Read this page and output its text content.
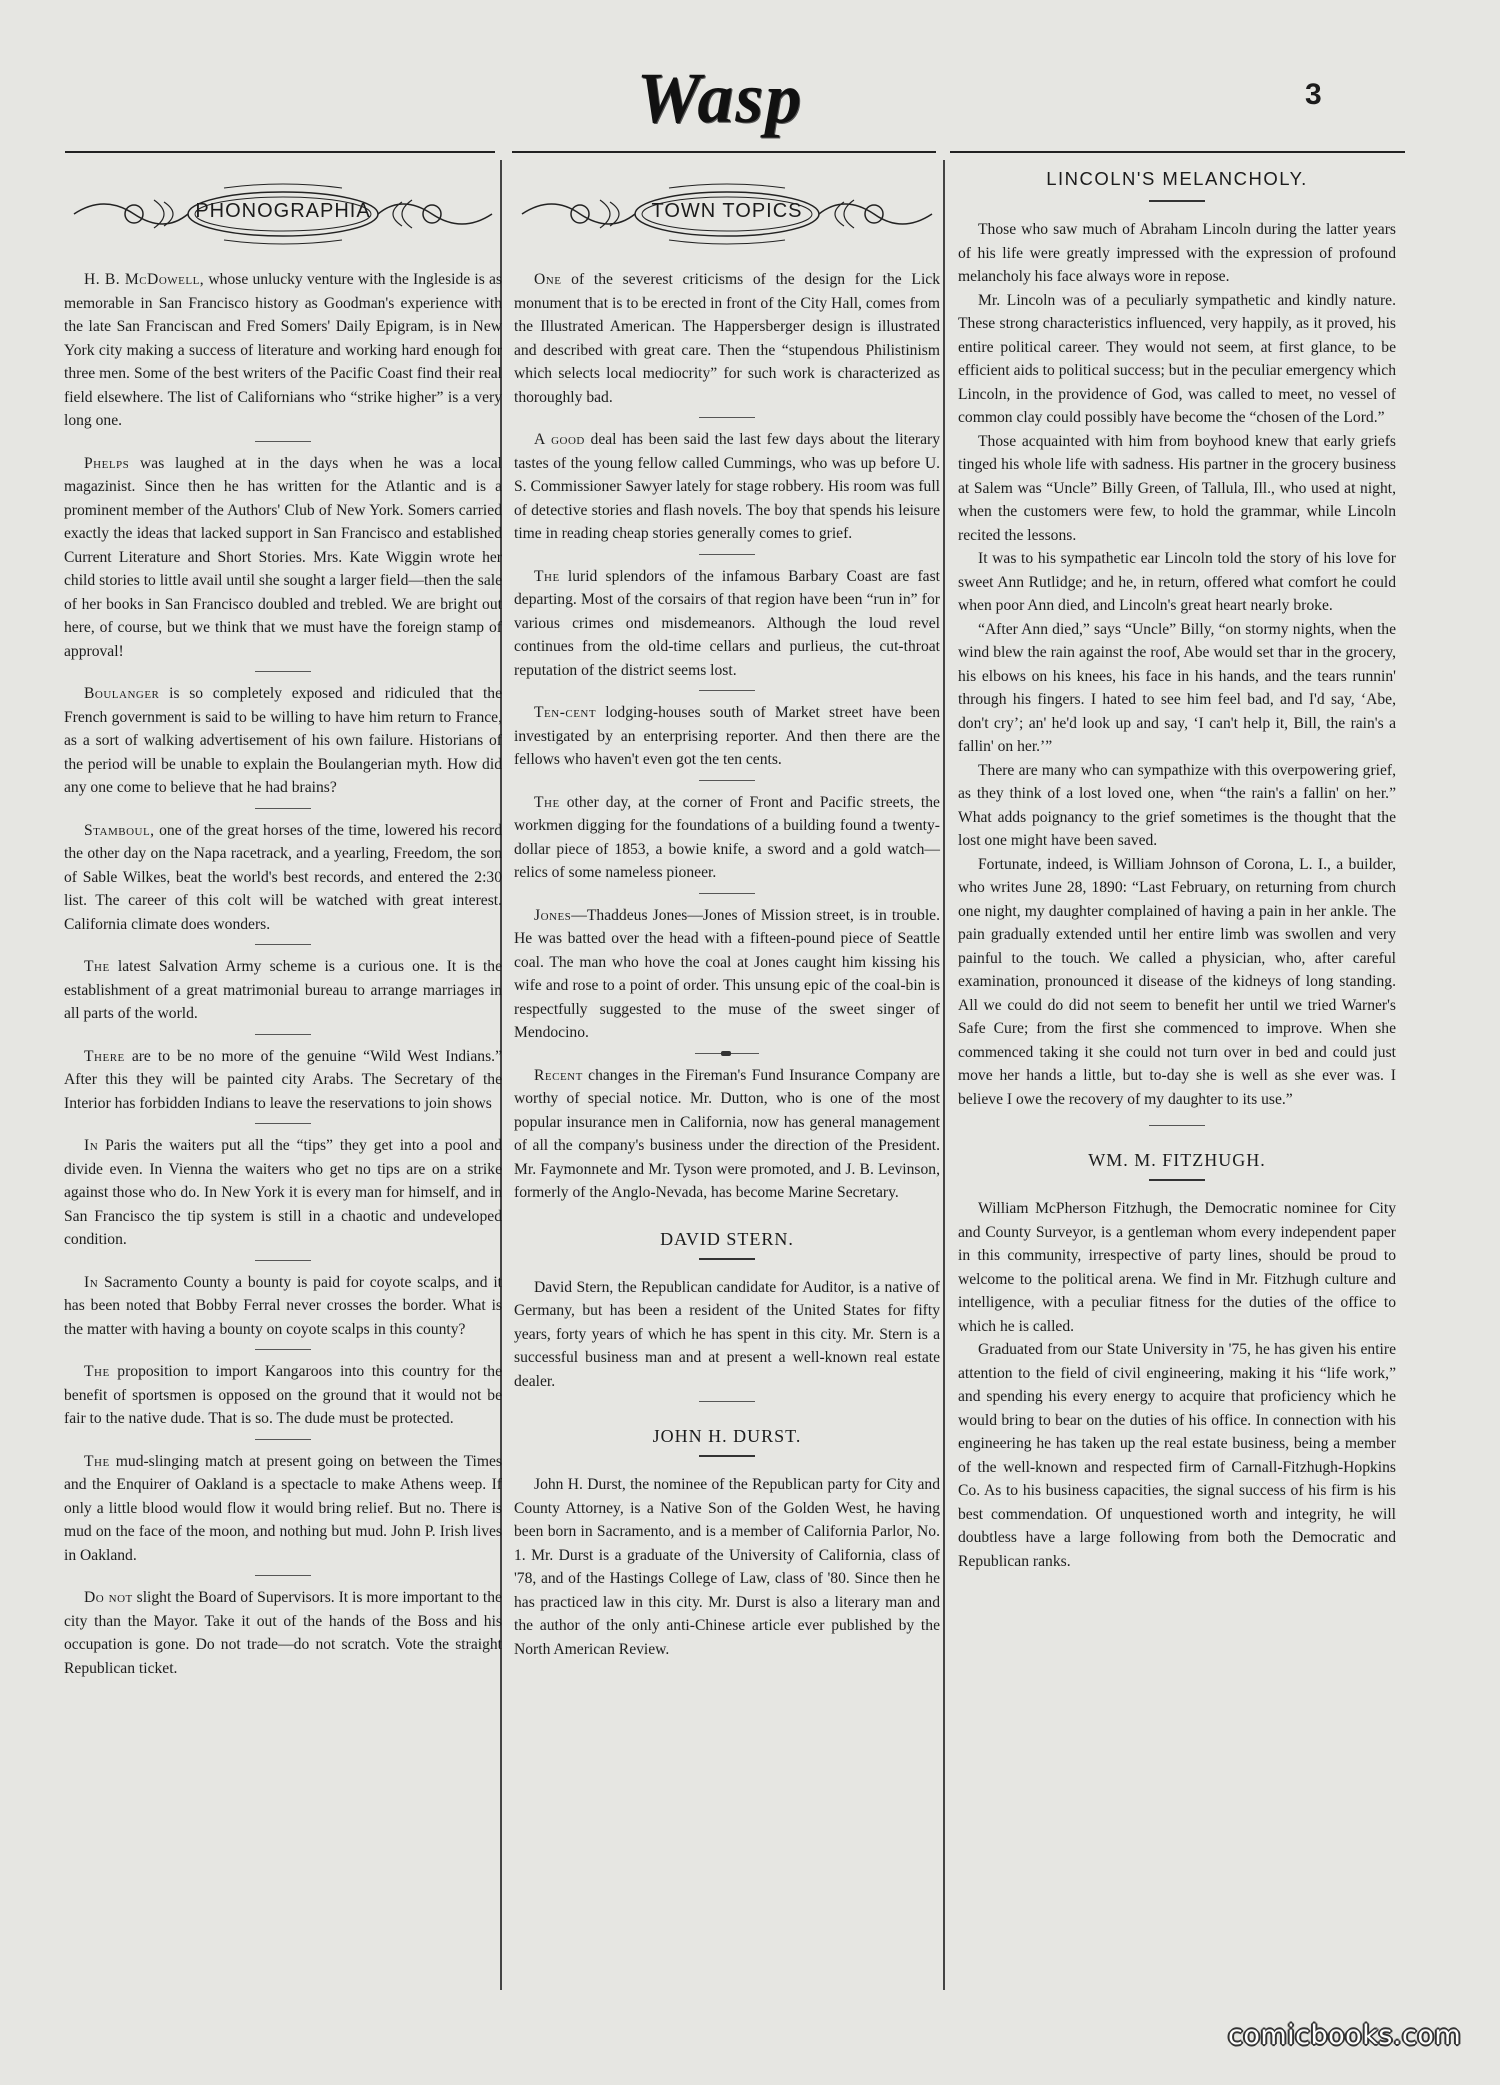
Wasp	3
PHONOGRAPHIA

H. B. McDowell, whose unlucky venture with the Ingleside is as memorable in San Francisco history as Goodman's experience with the late San Franciscan and Fred Somers' Daily Epigram, is in New York city making a success of literature and working hard enough for three men. Some of the best writers of the Pacific Coast find their real field elsewhere. The list of Californians who “strike higher” is a very long one.

Phelps was laughed at in the days when he was a local magazinist. Since then he has written for the Atlantic and is a prominent member of the Authors' Club of New York. Somers carried exactly the ideas that lacked support in San Francisco and established Current Literature and Short Stories. Mrs. Kate Wiggin wrote her child stories to little avail until she sought a larger field—then the sale of her books in San Francisco doubled and trebled. We are bright out here, of course, but we think that we must have the foreign stamp of approval!

Boulanger is so completely exposed and ridiculed that the French government is said to be willing to have him return to France, as a sort of walking advertisement of his own failure. Historians of the period will be unable to explain the Boulangerian myth. How did any one come to believe that he had brains?

Stamboul, one of the great horses of the time, lowered his record the other day on the Napa racetrack, and a yearling, Freedom, the son of Sable Wilkes, beat the world's best records, and entered the 2:30 list. The career of this colt will be watched with great interest. California climate does wonders.

The latest Salvation Army scheme is a curious one. It is the establishment of a great matrimonial bureau to arrange marriages in all parts of the world.

There are to be no more of the genuine “Wild West Indians.” After this they will be painted city Arabs. The Secretary of the Interior has forbidden Indians to leave the reservations to join shows

In Paris the waiters put all the “tips” they get into a pool and divide even. In Vienna the waiters who get no tips are on a strike against those who do. In New York it is every man for himself, and in San Francisco the tip system is still in a chaotic and undeveloped condition.

In Sacramento County a bounty is paid for coyote scalps, and it has been noted that Bobby Ferral never crosses the border. What is the matter with having a bounty on coyote scalps in this county?

The proposition to import Kangaroos into this country for the benefit of sportsmen is opposed on the ground that it would not be fair to the native dude. That is so. The dude must be protected.

The mud-slinging match at present going on between the Times and the Enquirer of Oakland is a spectacle to make Athens weep. If only a little blood would flow it would bring relief. But no. There is mud on the face of the moon, and nothing but mud. John P. Irish lives in Oakland.

Do not slight the Board of Supervisors. It is more important to the city than the Mayor. Take it out of the hands of the Boss and his occupation is gone. Do not trade—do not scratch. Vote the straight Republican ticket.

TOWN TOPICS

One of the severest criticisms of the design for the Lick monument that is to be erected in front of the City Hall, comes from the Illustrated American. The Happersberger design is illustrated and described with great care. Then the “stupendous Philistinism which selects local mediocrity” for such work is characterized as thoroughly bad.

A good deal has been said the last few days about the literary tastes of the young fellow called Cummings, who was up before U. S. Commissioner Sawyer lately for stage robbery. His room was full of detective stories and flash novels. The boy that spends his leisure time in reading cheap stories generally comes to grief.

The lurid splendors of the infamous Barbary Coast are fast departing. Most of the corsairs of that region have been “run in” for various crimes ond misdemeanors. Although the loud revel continues from the old-time cellars and purlieus, the cut-throat reputation of the district seems lost.

Ten-cent lodging-houses south of Market street have been investigated by an enterprising reporter. And then there are the fellows who haven't even got the ten cents.

The other day, at the corner of Front and Pacific streets, the workmen digging for the foundations of a building found a twenty-dollar piece of 1853, a bowie knife, a sword and a gold watch—relics of some nameless pioneer.

Jones—Thaddeus Jones—Jones of Mission street, is in trouble. He was batted over the head with a fifteen-pound piece of Seattle coal. The man who hove the coal at Jones caught him kissing his wife and rose to a point of order. This unsung epic of the coal-bin is respectfully suggested to the muse of the sweet singer of Mendocino.

Recent changes in the Fireman's Fund Insurance Company are worthy of special notice. Mr. Dutton, who is one of the most popular insurance men in California, now has general management of all the company's business under the direction of the President. Mr. Faymonnete and Mr. Tyson were promoted, and J. B. Levinson, formerly of the Anglo-Nevada, has become Marine Secretary.

DAVID STERN.

David Stern, the Republican candidate for Auditor, is a native of Germany, but has been a resident of the United States for fifty years, forty years of which he has spent in this city. Mr. Stern is a successful business man and at present a well-known real estate dealer.

JOHN H. DURST.

John H. Durst, the nominee of the Republican party for City and County Attorney, is a Native Son of the Golden West, he having been born in Sacramento, and is a member of California Parlor, No. 1. Mr. Durst is a graduate of the University of California, class of '78, and of the Hastings College of Law, class of '80. Since then he has practiced law in this city. Mr. Durst is also a literary man and the author of the only anti-Chinese article ever published by the North American Review.

LINCOLN'S MELANCHOLY.

Those who saw much of Abraham Lincoln during the latter years of his life were greatly impressed with the expression of profound melancholy his face always wore in repose.

Mr. Lincoln was of a peculiarly sympathetic and kindly nature. These strong characteristics influenced, very happily, as it proved, his entire political career. They would not seem, at first glance, to be efficient aids to political success; but in the peculiar emergency which Lincoln, in the providence of God, was called to meet, no vessel of common clay could possibly have become the “chosen of the Lord.”

Those acquainted with him from boyhood knew that early griefs tinged his whole life with sadness. His partner in the grocery business at Salem was “Uncle” Billy Green, of Tallula, Ill., who used at night, when the customers were few, to hold the grammar, while Lincoln recited the lessons.

It was to his sympathetic ear Lincoln told the story of his love for sweet Ann Rutlidge; and he, in return, offered what comfort he could when poor Ann died, and Lincoln's great heart nearly broke.

“After Ann died,” says “Uncle” Billy, “on stormy nights, when the wind blew the rain against the roof, Abe would set thar in the grocery, his elbows on his knees, his face in his hands, and the tears runnin' through his fingers. I hated to see him feel bad, and I'd say, ‘Abe, don't cry’; an' he'd look up and say, ‘I can't help it, Bill, the rain's a fallin' on her.’”

There are many who can sympathize with this overpowering grief, as they think of a lost loved one, when “the rain's a fallin' on her.” What adds poignancy to the grief sometimes is the thought that the lost one might have been saved.

Fortunate, indeed, is William Johnson of Corona, L. I., a builder, who writes June 28, 1890: “Last February, on returning from church one night, my daughter complained of having a pain in her ankle. The pain gradually extended until her entire limb was swollen and very painful to the touch. We called a physician, who, after careful examination, pronounced it disease of the kidneys of long standing. All we could do did not seem to benefit her until we tried Warner's Safe Cure; from the first she commenced to improve. When she commenced taking it she could not turn over in bed and could just move her hands a little, but to-day she is well as she ever was. I believe I owe the recovery of my daughter to its use.”

WM. M. FITZHUGH.

William McPherson Fitzhugh, the Democratic nominee for City and County Surveyor, is a gentleman whom every independent paper in this community, irrespective of party lines, should be proud to welcome to the political arena. We find in Mr. Fitzhugh culture and intelligence, with a peculiar fitness for the duties of the office to which he is called.

Graduated from our State University in '75, he has given his entire attention to the field of civil engineering, making it his “life work,” and spending his every energy to acquire that proficiency which he would bring to bear on the duties of his office. In connection with his engineering he has taken up the real estate business, being a member of the well-known and respected firm of Carnall-Fitzhugh-Hopkins Co. As to his business capacities, the signal success of his firm is his best commendation. Of unquestioned worth and integrity, he will doubtless have a large following from both the Democratic and Republican ranks.

comicbooks.com
